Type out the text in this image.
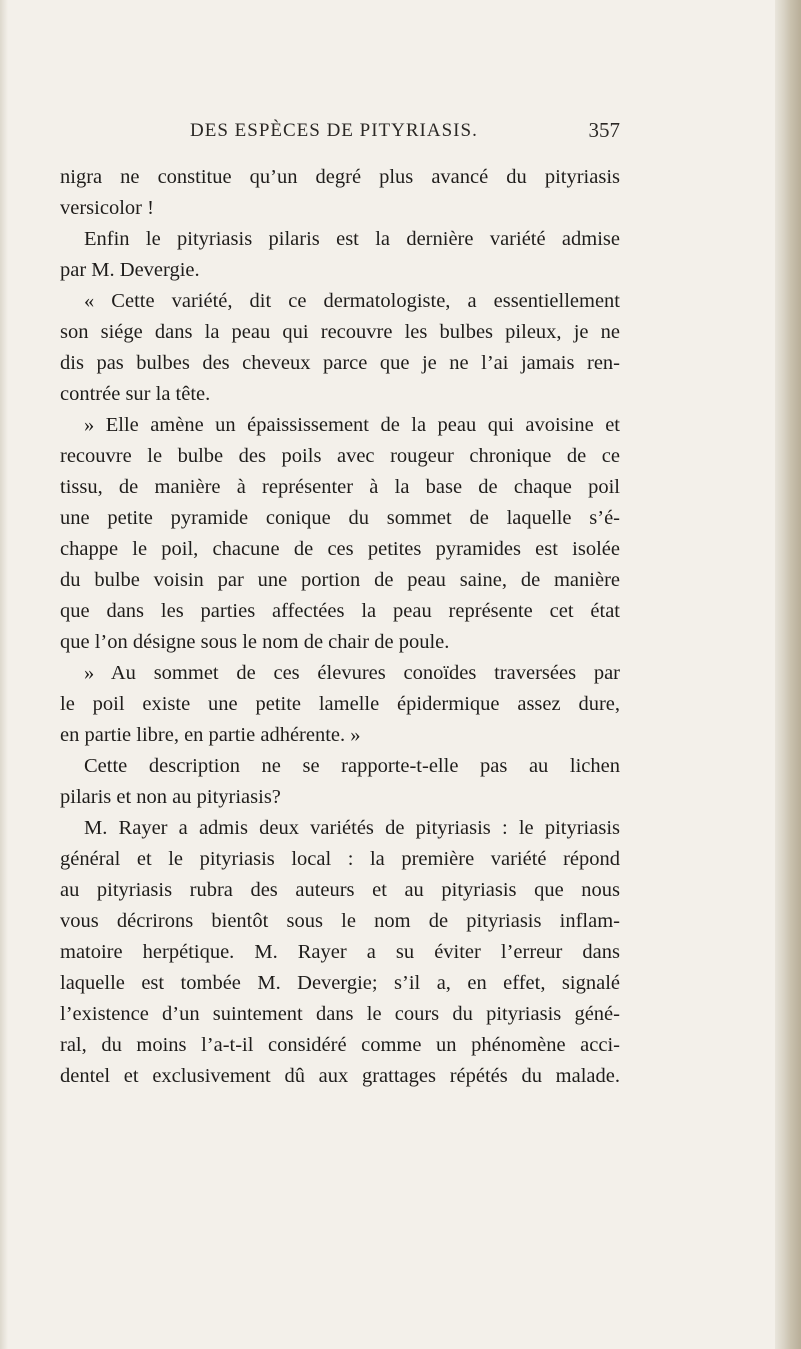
DES ESPÈCES DE PITYRIASIS.	357
nigra ne constitue qu’un degré plus avancé du pityriasis
versicolor !
Enfin le pityriasis pilaris est la dernière variété admise
par M. Devergie.
« Cette variété, dit ce dermatologiste, a essentiellement
son siége dans la peau qui recouvre les bulbes pileux, je ne
dis pas bulbes des cheveux parce que je ne l’ai jamais ren-
contrée sur la tête.
» Elle amène un épaississement de la peau qui avoisine et
recouvre le bulbe des poils avec rougeur chronique de ce
tissu, de manière à représenter à la base de chaque poil
une petite pyramide conique du sommet de laquelle s’é-
chappe le poil, chacune de ces petites pyramides est isolée
du bulbe voisin par une portion de peau saine, de manière
que dans les parties affectées la peau représente cet état
que l’on désigne sous le nom de chair de poule.
» Au sommet de ces élevures conoïdes traversées par
le poil existe une petite lamelle épidermique assez dure,
en partie libre, en partie adhérente. »
Cette description ne se rapporte-t-elle pas au lichen
pilaris et non au pityriasis?
M. Rayer a admis deux variétés de pityriasis : le pityriasis
général et le pityriasis local : la première variété répond
au pityriasis rubra des auteurs et au pityriasis que nous
vous décrirons bientôt sous le nom de pityriasis inflam-
matoire herpétique. M. Rayer a su éviter l’erreur dans
laquelle est tombée M. Devergie; s’il a, en effet, signalé
l’existence d’un suintement dans le cours du pityriasis géné-
ral, du moins l’a-t-il considéré comme un phénomène acci-
dentel et exclusivement dû aux grattages répétés du malade.
